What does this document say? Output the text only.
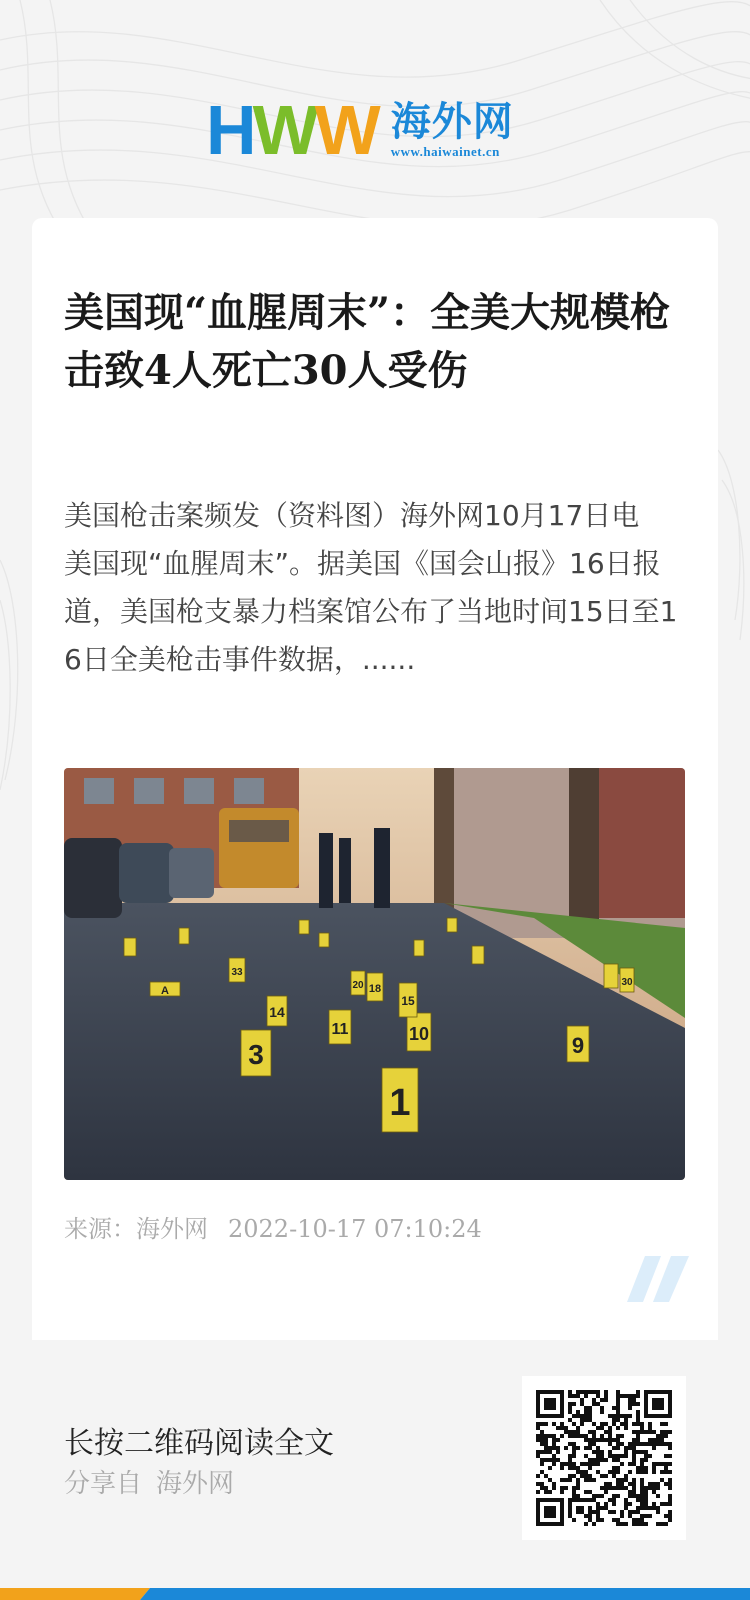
H W W 海外网
www.haiwainet.cn
美国现“血腥周末”：全美大规模枪击致4人死亡30人受伤

美国枪击案频发（资料图）海外网10月17日电　美国现“血腥周末”。据美国《国会山报》16日报道，美国枪支暴力档案馆公布了当地时间15日至16日全美枪击事件数据，......

1
3	9
10
11
14
15
18
20
33
A
30

来源：海外网 2022-10-17 07:10:24

长按二维码阅读全文

分享自 海外网
